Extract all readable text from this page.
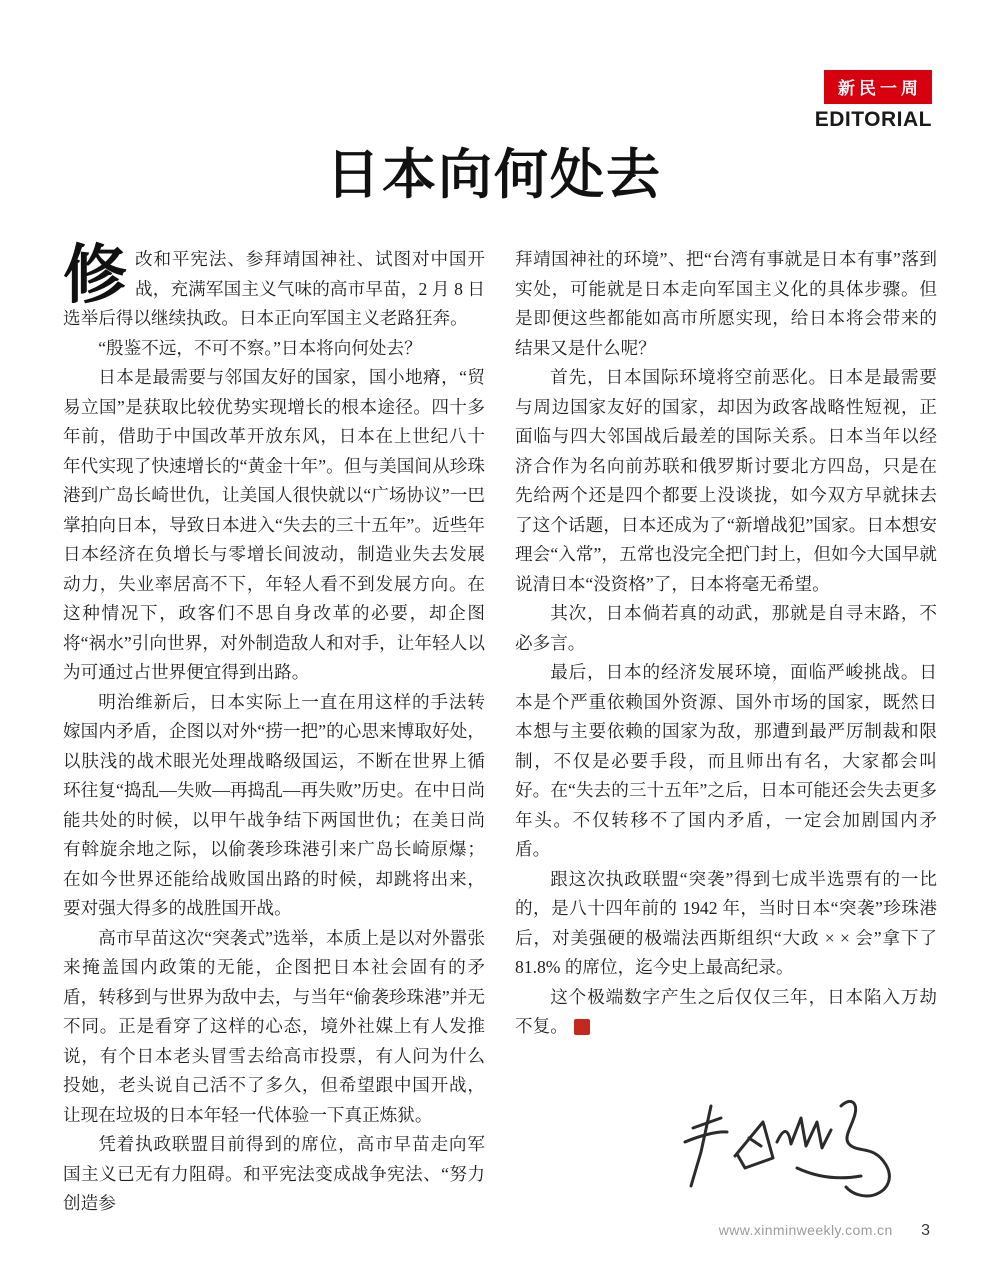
新民一周
EDITORIAL
日本向何处去

修改和平宪法、参拜靖国神社、试图对中国开战，充满军国主义气味的高市早苗，2 月 8 日选举后得以继续执政。日本正向军国主义老路狂奔。

“殷鉴不远，不可不察。”日本将向何处去？

日本是最需要与邻国友好的国家，国小地瘠，“贸易立国”是获取比较优势实现增长的根本途径。四十多年前，借助于中国改革开放东风，日本在上世纪八十年代实现了快速增长的“黄金十年”。但与美国间从珍珠港到广岛长崎世仇，让美国人很快就以“广场协议”一巴掌拍向日本，导致日本进入“失去的三十五年”。近些年日本经济在负增长与零增长间波动，制造业失去发展动力，失业率居高不下，年轻人看不到发展方向。在这种情况下，政客们不思自身改革的必要，却企图将“祸水”引向世界，对外制造敌人和对手，让年轻人以为可通过占世界便宜得到出路。

明治维新后，日本实际上一直在用这样的手法转嫁国内矛盾，企图以对外“捞一把”的心思来博取好处，以肤浅的战术眼光处理战略级国运，不断在世界上循环往复“捣乱—失败—再捣乱—再失败”历史。在中日尚能共处的时候，以甲午战争结下两国世仇；在美日尚有斡旋余地之际，以偷袭珍珠港引来广岛长崎原爆；在如今世界还能给战败国出路的时候，却跳将出来，要对强大得多的战胜国开战。

高市早苗这次“突袭式”选举，本质上是以对外嚣张来掩盖国内政策的无能，企图把日本社会固有的矛盾，转移到与世界为敌中去，与当年“偷袭珍珠港”并无不同。正是看穿了这样的心态，境外社媒上有人发推说，有个日本老头冒雪去给高市投票，有人问为什么投她，老头说自己活不了多久，但希望跟中国开战，让现在垃圾的日本年轻一代体验一下真正炼狱。

凭着执政联盟目前得到的席位，高市早苗走向军国主义已无有力阻碍。和平宪法变成战争宪法、“努力创造参

拜靖国神社的环境”、把“台湾有事就是日本有事”落到实处，可能就是日本走向军国主义化的具体步骤。但是即便这些都能如高市所愿实现，给日本将会带来的结果又是什么呢？

首先，日本国际环境将空前恶化。日本是最需要与周边国家友好的国家，却因为政客战略性短视，正面临与四大邻国战后最差的国际关系。日本当年以经济合作为名向前苏联和俄罗斯讨要北方四岛，只是在先给两个还是四个都要上没谈拢，如今双方早就抹去了这个话题，日本还成为了“新增战犯”国家。日本想安理会“入常”，五常也没完全把门封上，但如今大国早就说清日本“没资格”了，日本将毫无希望。

其次，日本倘若真的动武，那就是自寻末路，不必多言。

最后，日本的经济发展环境，面临严峻挑战。日本是个严重依赖国外资源、国外市场的国家，既然日本想与主要依赖的国家为敌，那遭到最严厉制裁和限制，不仅是必要手段，而且师出有名，大家都会叫好。在“失去的三十五年”之后，日本可能还会失去更多年头。不仅转移不了国内矛盾，一定会加剧国内矛盾。

跟这次执政联盟“突袭”得到七成半选票有的一比的，是八十四年前的 1942 年，当时日本“突袭”珍珠港后，对美强硬的极端法西斯组织“大政 × × 会”拿下了 81.8% 的席位，迄今史上最高纪录。

这个极端数字产生之后仅仅三年，日本陷入万劫不复。	民

www.xinminweekly.com.cn 3
